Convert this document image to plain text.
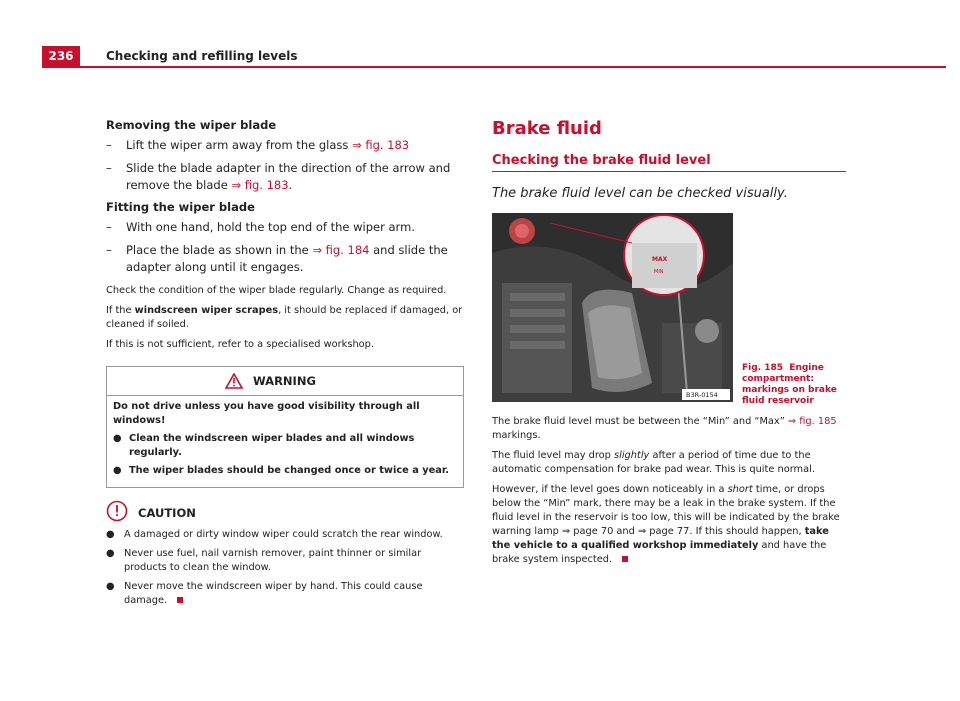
236	Checking and refilling levels

Removing the wiper blade

– Lift the wiper arm away from the glass ⇒ fig. 183
– Slide the blade adapter in the direction of the arrow and remove the blade ⇒ fig. 183.

Fitting the wiper blade

– With one hand, hold the top end of the wiper arm.
– Place the blade as shown in the ⇒ fig. 184 and slide the adapter along until it engages.

Check the condition of the wiper blade regularly. Change as required.

If the windscreen wiper scrapes, it should be replaced if damaged, or cleaned if soiled.

If this is not sufficient, refer to a specialised workshop.

WARNING

Do not drive unless you have good visibility through all windows!

● Clean the windscreen wiper blades and all windows regularly.

● The wiper blades should be changed once or twice a year.

CAUTION

● A damaged or dirty window wiper could scratch the rear window.

● Never use fuel, nail varnish remover, paint thinner or similar products to clean the window.

● Never move the windscreen wiper by hand. This could cause damage.

Brake fluid

Checking the brake fluid level

The brake fluid level can be checked visually.

MAX
MIN
B3R-0154
Fig. 185 Engine compartment: markings on brake fluid reservoir

The brake fluid level must be between the “Min” and “Max” ⇒ fig. 185 markings.

The fluid level may drop slightly after a period of time due to the automatic compensation for brake pad wear. This is quite normal.

However, if the level goes down noticeably in a short time, or drops below the “Min” mark, there may be a leak in the brake system. If the fluid level in the reservoir is too low, this will be indicated by the brake warning lamp ⇒ page 70 and ⇒ page 77. If this should happen, take the vehicle to a qualified workshop immediately and have the brake system inspected.
